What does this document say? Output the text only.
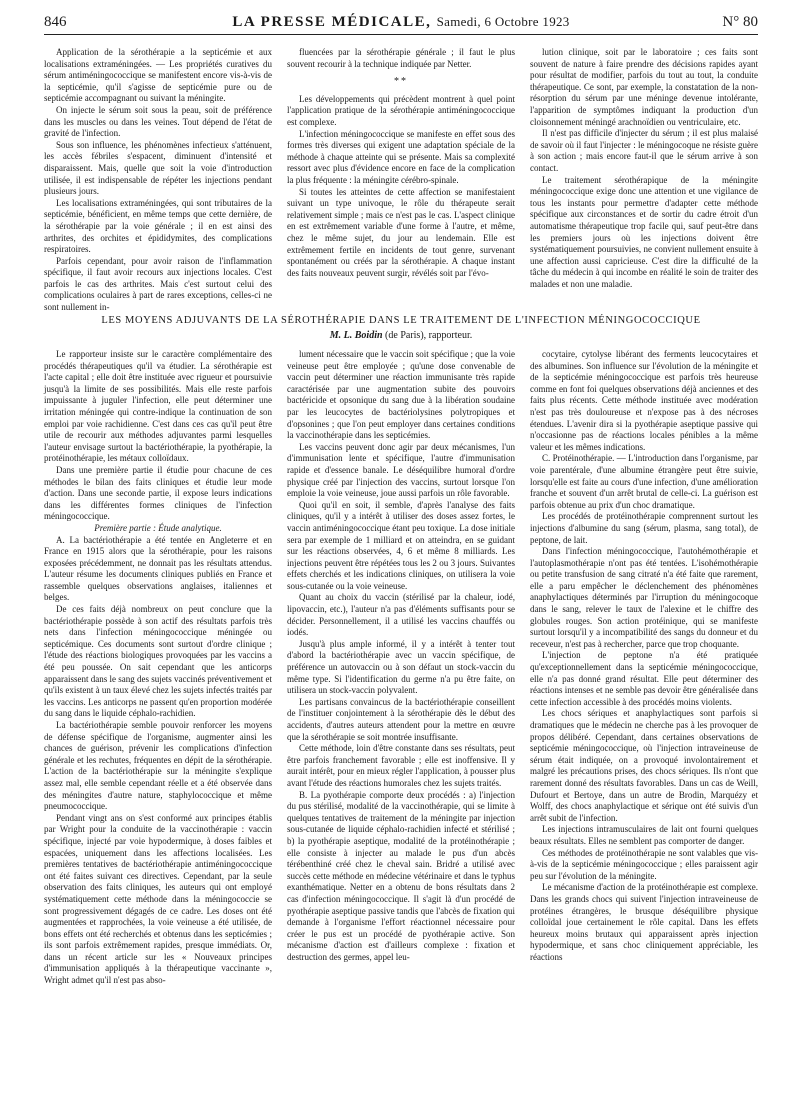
846	LA PRESSE MÉDICALE, Samedi, 6 Octobre 1923	N° 80

Application de la sérothérapie a la septicémie et aux localisations extraméningées. — Les propriétés curatives du sérum antiméningococcique se manifestent encore vis-à-vis de la septicémie, qu'il s'agisse de septicémie pure ou de septicémie accompagnant ou suivant la méningite.

On injecte le sérum soit sous la peau, soit de préférence dans les muscles ou dans les veines. Tout dépend de l'état de gravité de l'infection.

Sous son influence, les phénomènes infectieux s'atténuent, les accès fébriles s'espacent, diminuent d'intensité et disparaissent. Mais, quelle que soit la voie d'introduction utilisée, il est indispensable de répéter les injections pendant plusieurs jours.

Les localisations extraméningées, qui sont tributaires de la septicémie, bénéficient, en même temps que cette dernière, de la sérothérapie par la voie générale ; il en est ainsi des arthrites, des orchites et épididymites, des complications respiratoires.

Parfois cependant, pour avoir raison de l'inflammation spécifique, il faut avoir recours aux injections locales. C'est parfois le cas des arthrites. Mais c'est surtout celui des complications oculaires à part de rares exceptions, celles-ci ne sont nullement in-

fluencées par la sérothérapie générale ; il faut le plus souvent recourir à la technique indiquée par Netter.

**

Les développements qui précèdent montrent à quel point l'application pratique de la sérothérapie antiméningococcique est complexe.

L'infection méningococcique se manifeste en effet sous des formes très diverses qui exigent une adaptation spéciale de la méthode à chaque atteinte qui se présente. Mais sa complexité ressort avec plus d'évidence encore en face de la complication la plus fréquente : la méningite cérébro-spinale.

Si toutes les atteintes de cette affection se manifestaient suivant un type univoque, le rôle du thérapeute serait relativement simple ; mais ce n'est pas le cas. L'aspect clinique en est extrêmement variable d'une forme à l'autre, et même, chez le même sujet, du jour au lendemain. Elle est extrêmement fertile en incidents de tout genre, survenant spontanément ou créés par la sérothérapie. A chaque instant des faits nouveaux peuvent surgir, révélés soit par l'évo-

lution clinique, soit par le laboratoire ; ces faits sont souvent de nature à faire prendre des décisions rapides ayant pour résultat de modifier, parfois du tout au tout, la conduite thérapeutique. Ce sont, par exemple, la constatation de la non-résorption du sérum par une méninge devenue intolérante, l'apparition de symptômes indiquant la production d'un cloisonnement méningé arachnoïdien ou ventriculaire, etc.

Il n'est pas difficile d'injecter du sérum ; il est plus malaisé de savoir où il faut l'injecter : le méningocoque ne résiste guère à son action ; mais encore faut-il que le sérum arrive à son contact.

Le traitement sérothérapique de la méningite méningococcique exige donc une attention et une vigilance de tous les instants pour permettre d'adapter cette méthode spécifique aux circonstances et de sortir du cadre étroit d'un automatisme thérapeutique trop facile qui, sauf peut-être dans les premiers jours où les injections doivent être systématiquement poursuivies, ne convient nullement ensuite à une affection aussi capricieuse. C'est dire la difficulté de la tâche du médecin à qui incombe en réalité le soin de traiter des malades et non une maladie.

LES MOYENS ADJUVANTS DE LA SÉROTHÉRAPIE DANS LE TRAITEMENT DE L'INFECTION MÉNINGOCOCCIQUE
M. L. Boidin (de Paris), rapporteur.

Le rapporteur insiste sur le caractère complémentaire des procédés thérapeutiques qu'il va étudier. La sérothérapie est l'acte capital ; elle doit être instituée avec rigueur et poursuivie jusqu'à la limite de ses possibilités. Mais elle reste parfois impuissante à juguler l'infection, elle peut déterminer une irritation méningée qui contre-indique la continuation de son emploi par voie rachidienne. C'est dans ces cas qu'il peut être utile de recourir aux méthodes adjuvantes parmi lesquelles l'auteur envisage surtout la bactériothérapie, la pyothérapie, la protéinothérapie, les métaux colloïdaux.

Dans une première partie il étudie pour chacune de ces méthodes le bilan des faits cliniques et étudie leur mode d'action. Dans une seconde partie, il expose leurs indications dans les différentes formes cliniques de l'infection méningococcique.

Première partie : Étude analytique.

A. La bactériothérapie a été tentée en Angleterre et en France en 1915 alors que la sérothérapie, pour les raisons exposées précédemment, ne donnait pas les résultats attendus. L'auteur résume les documents cliniques publiés en France et rassemble quelques observations anglaises, italiennes et belges.

De ces faits déjà nombreux on peut conclure que la bactériothérapie possède à son actif des résultats parfois très nets dans l'infection méningococcique méningée ou septicémique. Ces documents sont surtout d'ordre clinique ; l'étude des réactions biologiques provoquées par les vaccins a été peu poussée. On sait cependant que les anticorps apparaissent dans le sang des sujets vaccinés préventivement et qu'ils existent à un taux élevé chez les sujets infectés traités par les vaccins. Les anticorps ne passent qu'en proportion modérée du sang dans le liquide céphalo-rachidien.

La bactériothérapie semble pouvoir renforcer les moyens de défense spécifique de l'organisme, augmenter ainsi les chances de guérison, prévenir les complications d'infection générale et les rechutes, fréquentes en dépit de la sérothérapie. L'action de la bactériothérapie sur la méningite s'explique assez mal, elle semble cependant réelle et a été observée dans des méningites d'autre nature, staphylococcique et même pneumococcique.

Pendant vingt ans on s'est conformé aux principes établis par Wright pour la conduite de la vaccinothérapie : vaccin spécifique, injecté par voie hypodermique, à doses faibles et espacées, uniquement dans les affections localisées. Les premières tentatives de bactériothérapie antiméningococcique ont été faites suivant ces directives. Cependant, par la seule observation des faits cliniques, les auteurs qui ont employé systématiquement cette méthode dans la méningococcie se sont progressivement dégagés de ce cadre. Les doses ont été augmentées et rapprochées, la voie veineuse a été utilisée, de bons effets ont été recherchés et obtenus dans les septicémies ; ils sont parfois extrêmement rapides, presque immédiats. Or, dans un récent article sur les « Nouveaux principes d'immunisation appliqués à la thérapeutique vaccinante », Wright admet qu'il n'est pas abso-

lument nécessaire que le vaccin soit spécifique ; que la voie veineuse peut être employée ; qu'une dose convenable de vaccin peut déterminer une réaction immunisante très rapide caractérisée par une augmentation subite des pouvoirs bactéricide et opsonique du sang due à la libération soudaine par les leucocytes de bactériolysines polytropiques et d'opsonines ; que l'on peut employer dans certaines conditions la vaccinothérapie dans les septicémies.

Les vaccins peuvent donc agir par deux mécanismes, l'un d'immunisation lente et spécifique, l'autre d'immunisation rapide et d'essence banale. Le déséquilibre humoral d'ordre physique créé par l'injection des vaccins, surtout lorsque l'on emploie la voie veineuse, joue aussi parfois un rôle favorable.

Quoi qu'il en soit, il semble, d'après l'analyse des faits cliniques, qu'il y a intérêt à utiliser des doses assez fortes, le vaccin antiméningococcique étant peu toxique. La dose initiale sera par exemple de 1 milliard et on atteindra, en se guidant sur les réactions observées, 4, 6 et même 8 milliards. Les injections peuvent être répétées tous les 2 ou 3 jours. Suivantes effets cherchés et les indications cliniques, on utilisera la voie sous-cutanée ou la voie veineuse.

Quant au choix du vaccin (stérilisé par la chaleur, iodé, lipovaccin, etc.), l'auteur n'a pas d'éléments suffisants pour se décider. Personnellement, il a utilisé les vaccins chauffés ou iodés.

Jusqu'à plus ample informé, il y a intérêt à tenter tout d'abord la bactériothérapie avec un vaccin spécifique, de préférence un autovaccin ou à son défaut un stock-vaccin du même type. Si l'identification du germe n'a pu être faite, on utilisera un stock-vaccin polyvalent.

Les partisans convaincus de la bactériothérapie conseillent de l'instituer conjointement à la sérothérapie dès le début des accidents, d'autres auteurs attendent pour la mettre en œuvre que la sérothérapie se soit montrée insuffisante.

Cette méthode, loin d'être constante dans ses résultats, peut être parfois franchement favorable ; elle est inoffensive. Il y aurait intérêt, pour en mieux régler l'application, à pousser plus avant l'étude des réactions humorales chez les sujets traités.

B. La pyothérapie comporte deux procédés : a) l'injection du pus stérilisé, modalité de la vaccinothérapie, qui se limite à quelques tentatives de traitement de la méningite par injection sous-cutanée de liquide céphalo-rachidien infecté et stérilisé ; b) la pyothérapie aseptique, modalité de la protéinothérapie ; elle consiste à injecter au malade le pus d'un abcès térébenthiné créé chez le cheval sain. Bridré a utilisé avec succès cette méthode en médecine vétérinaire et dans le typhus exanthématique. Netter en a obtenu de bons résultats dans 2 cas d'infection méningococcique. Il s'agit là d'un procédé de pyothérapie aseptique passive tandis que l'abcès de fixation qui demande à l'organisme l'effort réactionnel nécessaire pour créer le pus est un procédé de pyothérapie active. Son mécanisme d'action est d'ailleurs complexe : fixation et destruction des germes, appel leu-

cocytaire, cytolyse libérant des ferments leucocytaires et des albumines. Son influence sur l'évolution de la méningite et de la septicémie méningococcique est parfois très heureuse comme en font foi quelques observations déjà anciennes et des faits plus récents. Cette méthode instituée avec modération n'est pas très douloureuse et n'expose pas à des nécroses étendues. L'avenir dira si la pyothérapie aseptique passive qui n'occasionne pas de réactions locales pénibles a la même valeur et les mêmes indications.

C. Protéinothérapie. — L'introduction dans l'organisme, par voie parentérale, d'une albumine étrangère peut être suivie, lorsqu'elle est faite au cours d'une infection, d'une amélioration franche et souvent d'un arrêt brutal de celle-ci. La guérison est parfois obtenue au prix d'un choc dramatique.

Les procédés de protéinothérapie comprennent surtout les injections d'albumine du sang (sérum, plasma, sang total), de peptone, de lait.

Dans l'infection méningococcique, l'autohémothérapie et l'autoplasmothérapie n'ont pas été tentées. L'isohémothérapie ou petite transfusion de sang citraté n'a été faite que rarement, elle a paru empêcher le déclenchement des phénomènes anaphylactiques déterminés par l'irruption du méningocoque dans le sang, relever le taux de l'alexine et le chiffre des globules rouges. Son action protéinique, qui se manifeste surtout lorsqu'il y a incompatibilité des sangs du donneur et du receveur, n'est pas à rechercher, parce que trop choquante.

L'injection de peptone n'a été pratiquée qu'exceptionnellement dans la septicémie méningococcique, elle n'a pas donné grand résultat. Elle peut déterminer des réactions intenses et ne semble pas devoir être généralisée dans cette infection accessible à des procédés moins violents.

Les chocs sériques et anaphylactiques sont parfois si dramatiques que le médecin ne cherche pas à les provoquer de propos délibéré. Cependant, dans certaines observations de septicémie méningococcique, où l'injection intraveineuse de sérum était indiquée, on a provoqué involontairement et malgré les précautions prises, des chocs sériques. Ils n'ont que rarement donné des résultats favorables. Dans un cas de Weill, Dufourt et Bertoye, dans un autre de Brodin, Marquézy et Wolff, des chocs anaphylactique et sérique ont été suivis d'un arrêt subit de l'infection.

Les injections intramusculaires de lait ont fourni quelques beaux résultats. Elles ne semblent pas comporter de danger.

Ces méthodes de protéinothérapie ne sont valables que vis-à-vis de la septicémie méningococcique ; elles paraissent agir peu sur l'évolution de la méningite.

Le mécanisme d'action de la protéinothérapie est complexe. Dans les grands chocs qui suivent l'injection intraveineuse de protéines étrangères, le brusque déséquilibre physique colloïdal joue certainement le rôle capital. Dans les effets heureux moins brutaux qui apparaissent après injection hypodermique, et sans choc cliniquement appréciable, les réactions
